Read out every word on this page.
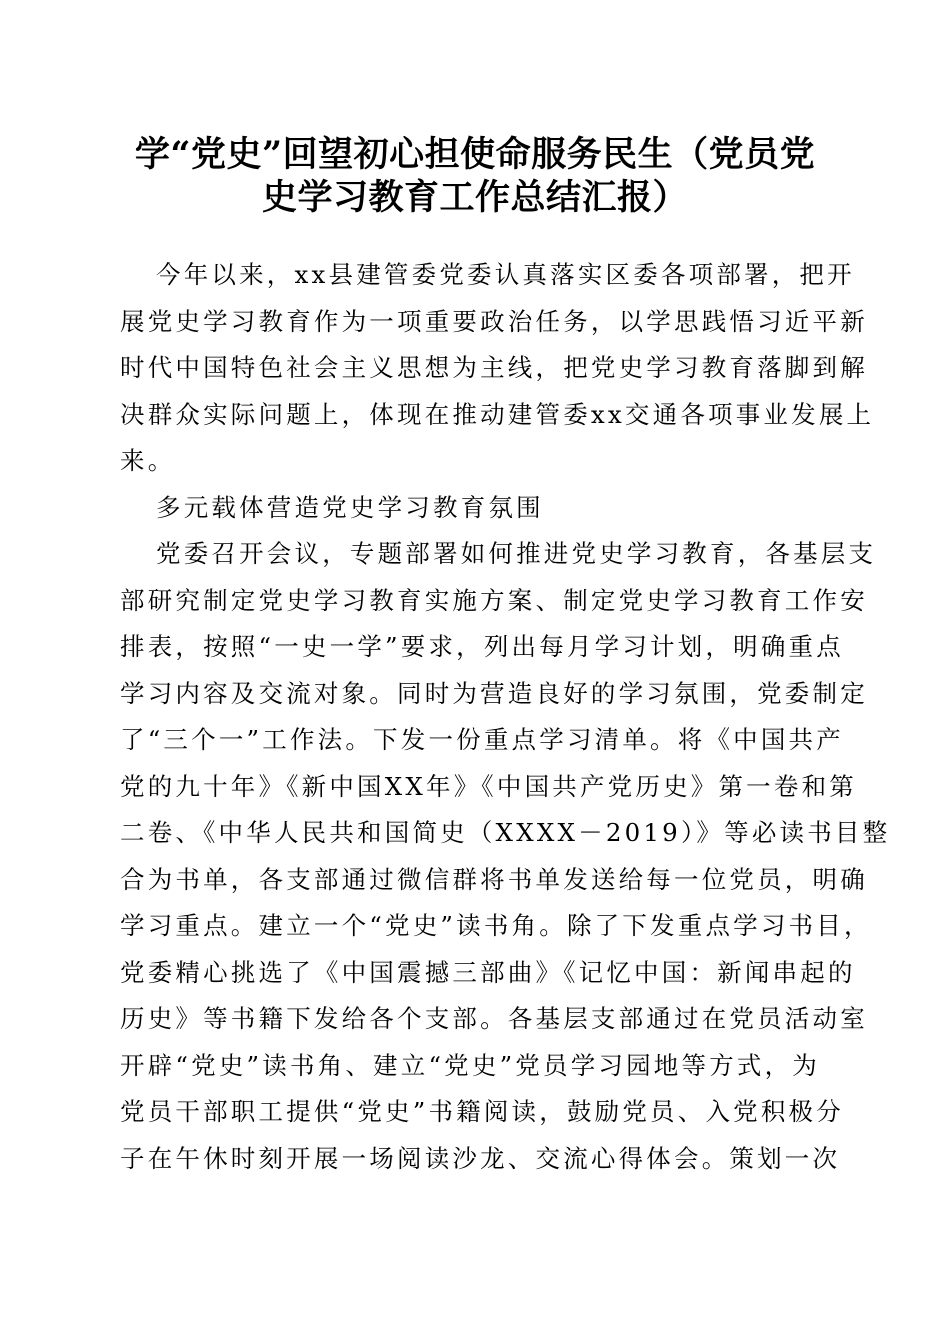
学“党史”回望初心担使命服务民生（党员党
史学习教育工作总结汇报）

今年以来，xx县建管委党委认真落实区委各项部署，把开
展党史学习教育作为一项重要政治任务，以学思践悟习近平新
时代中国特色社会主义思想为主线，把党史学习教育落脚到解
决群众实际问题上，体现在推动建管委xx交通各项事业发展上
来。

多元载体营造党史学习教育氛围

党委召开会议，专题部署如何推进党史学习教育，各基层支
部研究制定党史学习教育实施方案、制定党史学习教育工作安
排表，按照“一史一学”要求，列出每月学习计划，明确重点
学习内容及交流对象。同时为营造良好的学习氛围，党委制定
了“三个一”工作法。下发一份重点学习清单。将《中国共产
党的九十年》《新中国XX年》《中国共产党历史》第一卷和第
二卷、《中华人民共和国简史（XXXX－2019）》等必读书目整
合为书单，各支部通过微信群将书单发送给每一位党员，明确
学习重点。建立一个“党史”读书角。除了下发重点学习书目，
党委精心挑选了《中国震撼三部曲》《记忆中国：新闻串起的
历史》等书籍下发给各个支部。各基层支部通过在党员活动室
开辟“党史”读书角、建立“党史”党员学习园地等方式，为
党员干部职工提供“党史”书籍阅读，鼓励党员、入党积极分
子在午休时刻开展一场阅读沙龙、交流心得体会。策划一次
